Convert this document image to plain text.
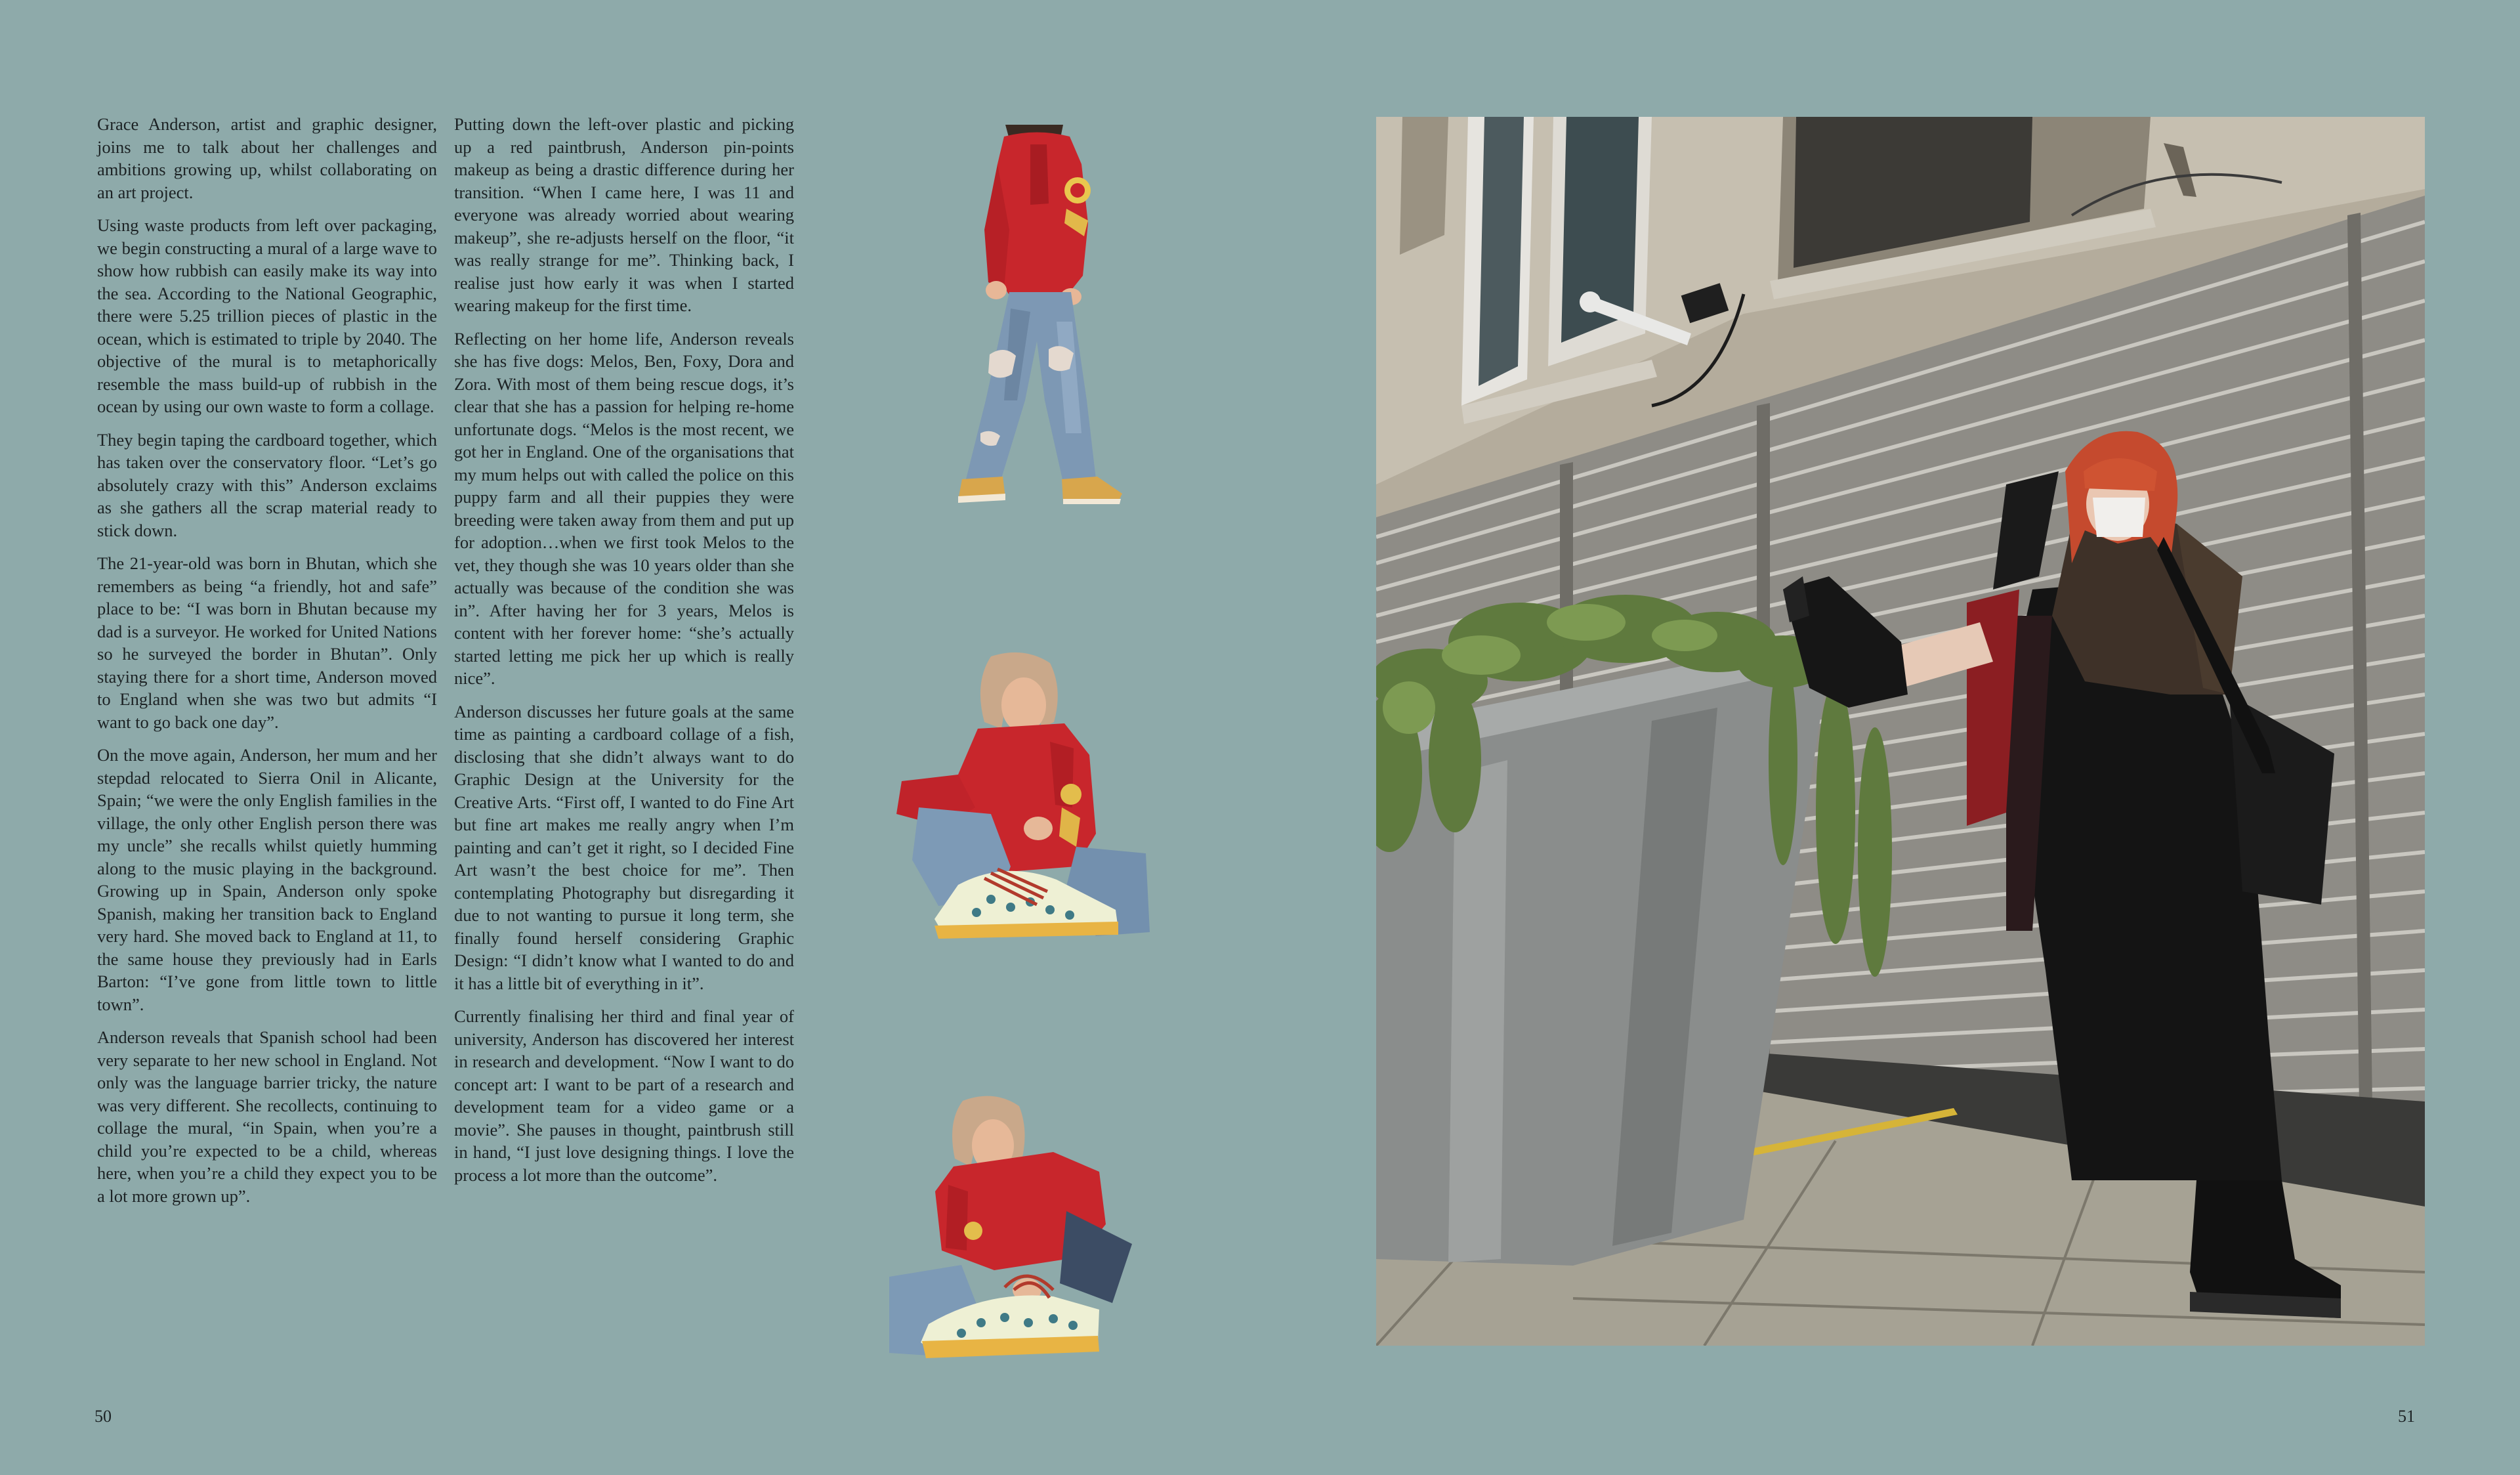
Grace Anderson, artist and graphic designer, joins me to talk about her challenges and ambitions growing up, whilst collaborating on an art project.

Using waste products from left over packaging, we begin constructing a mural of a large wave to show how rubbish can easily make its way into the sea. According to the National Geographic, there were 5.25 trillion pieces of plastic in the ocean, which is estimated to triple by 2040. The objective of the mural is to metaphorically resemble the mass build-up of rubbish in the ocean by using our own waste to form a collage.

They begin taping the cardboard together, which has taken over the conservatory floor. “Let’s go absolutely crazy with this” Anderson exclaims as she gathers all the scrap material ready to stick down.

The 21-year-old was born in Bhutan, which she remembers as being “a friendly, hot and safe” place to be: “I was born in Bhutan because my dad is a surveyor. He worked for United Nations so he surveyed the border in Bhutan”. Only staying there for a short time, Anderson moved to England when she was two but admits “I want to go back one day”.

On the move again, Anderson, her mum and her stepdad relocated to Sierra Onil in Alicante, Spain; “we were the only English families in the village, the only other English person there was my uncle” she recalls whilst quietly humming along to the music playing in the background. Growing up in Spain, Anderson only spoke Spanish, making her transition back to England very hard. She moved back to England at 11, to the same house they previously had in Earls Barton: “I’ve gone from little town to little town”.

Anderson reveals that Spanish school had been very separate to her new school in England. Not only was the language barrier tricky, the nature was very different. She recollects, continuing to collage the mural, “in Spain, when you’re a child you’re expected to be a child, whereas here, when you’re a child they expect you to be a lot more grown up”.

Putting down the left-over plastic and picking up a red paintbrush, Anderson pin-points makeup as being a drastic difference during her transition. “When I came here, I was 11 and everyone was already worried about wearing makeup”, she re-adjusts herself on the floor, “it was really strange for me”. Thinking back, I realise just how early it was when I started wearing makeup for the first time.

Reflecting on her home life, Anderson reveals she has five dogs: Melos, Ben, Foxy, Dora and Zora. With most of them being rescue dogs, it’s clear that she has a passion for helping re-home unfortunate dogs. “Melos is the most recent, we got her in England. One of the organisations that my mum helps out with called the police on this puppy farm and all their puppies they were breeding were taken away from them and put up for adoption…when we first took Melos to the vet, they though she was 10 years older than she actually was because of the condition she was in”. After having her for 3 years, Melos is content with her forever home: “she’s actually started letting me pick her up which is really nice”.

Anderson discusses her future goals at the same time as painting a cardboard collage of a fish, disclosing that she didn’t always want to do Graphic Design at the University for the Creative Arts. “First off, I wanted to do Fine Art but fine art makes me really angry when I’m painting and can’t get it right, so I decided Fine Art wasn’t the best choice for me”. Then contemplating Photography but disregarding it due to not wanting to pursue it long term, she finally found herself considering Graphic Design: “I didn’t know what I wanted to do and it has a little bit of everything in it”.

Currently finalising her third and final year of university, Anderson has discovered her interest in research and development. “Now I want to do concept art: I want to be part of a research and development team for a video game or a movie”. She pauses in thought, paintbrush still in hand, “I just love designing things. I love the process a lot more than the outcome”.

50	51
